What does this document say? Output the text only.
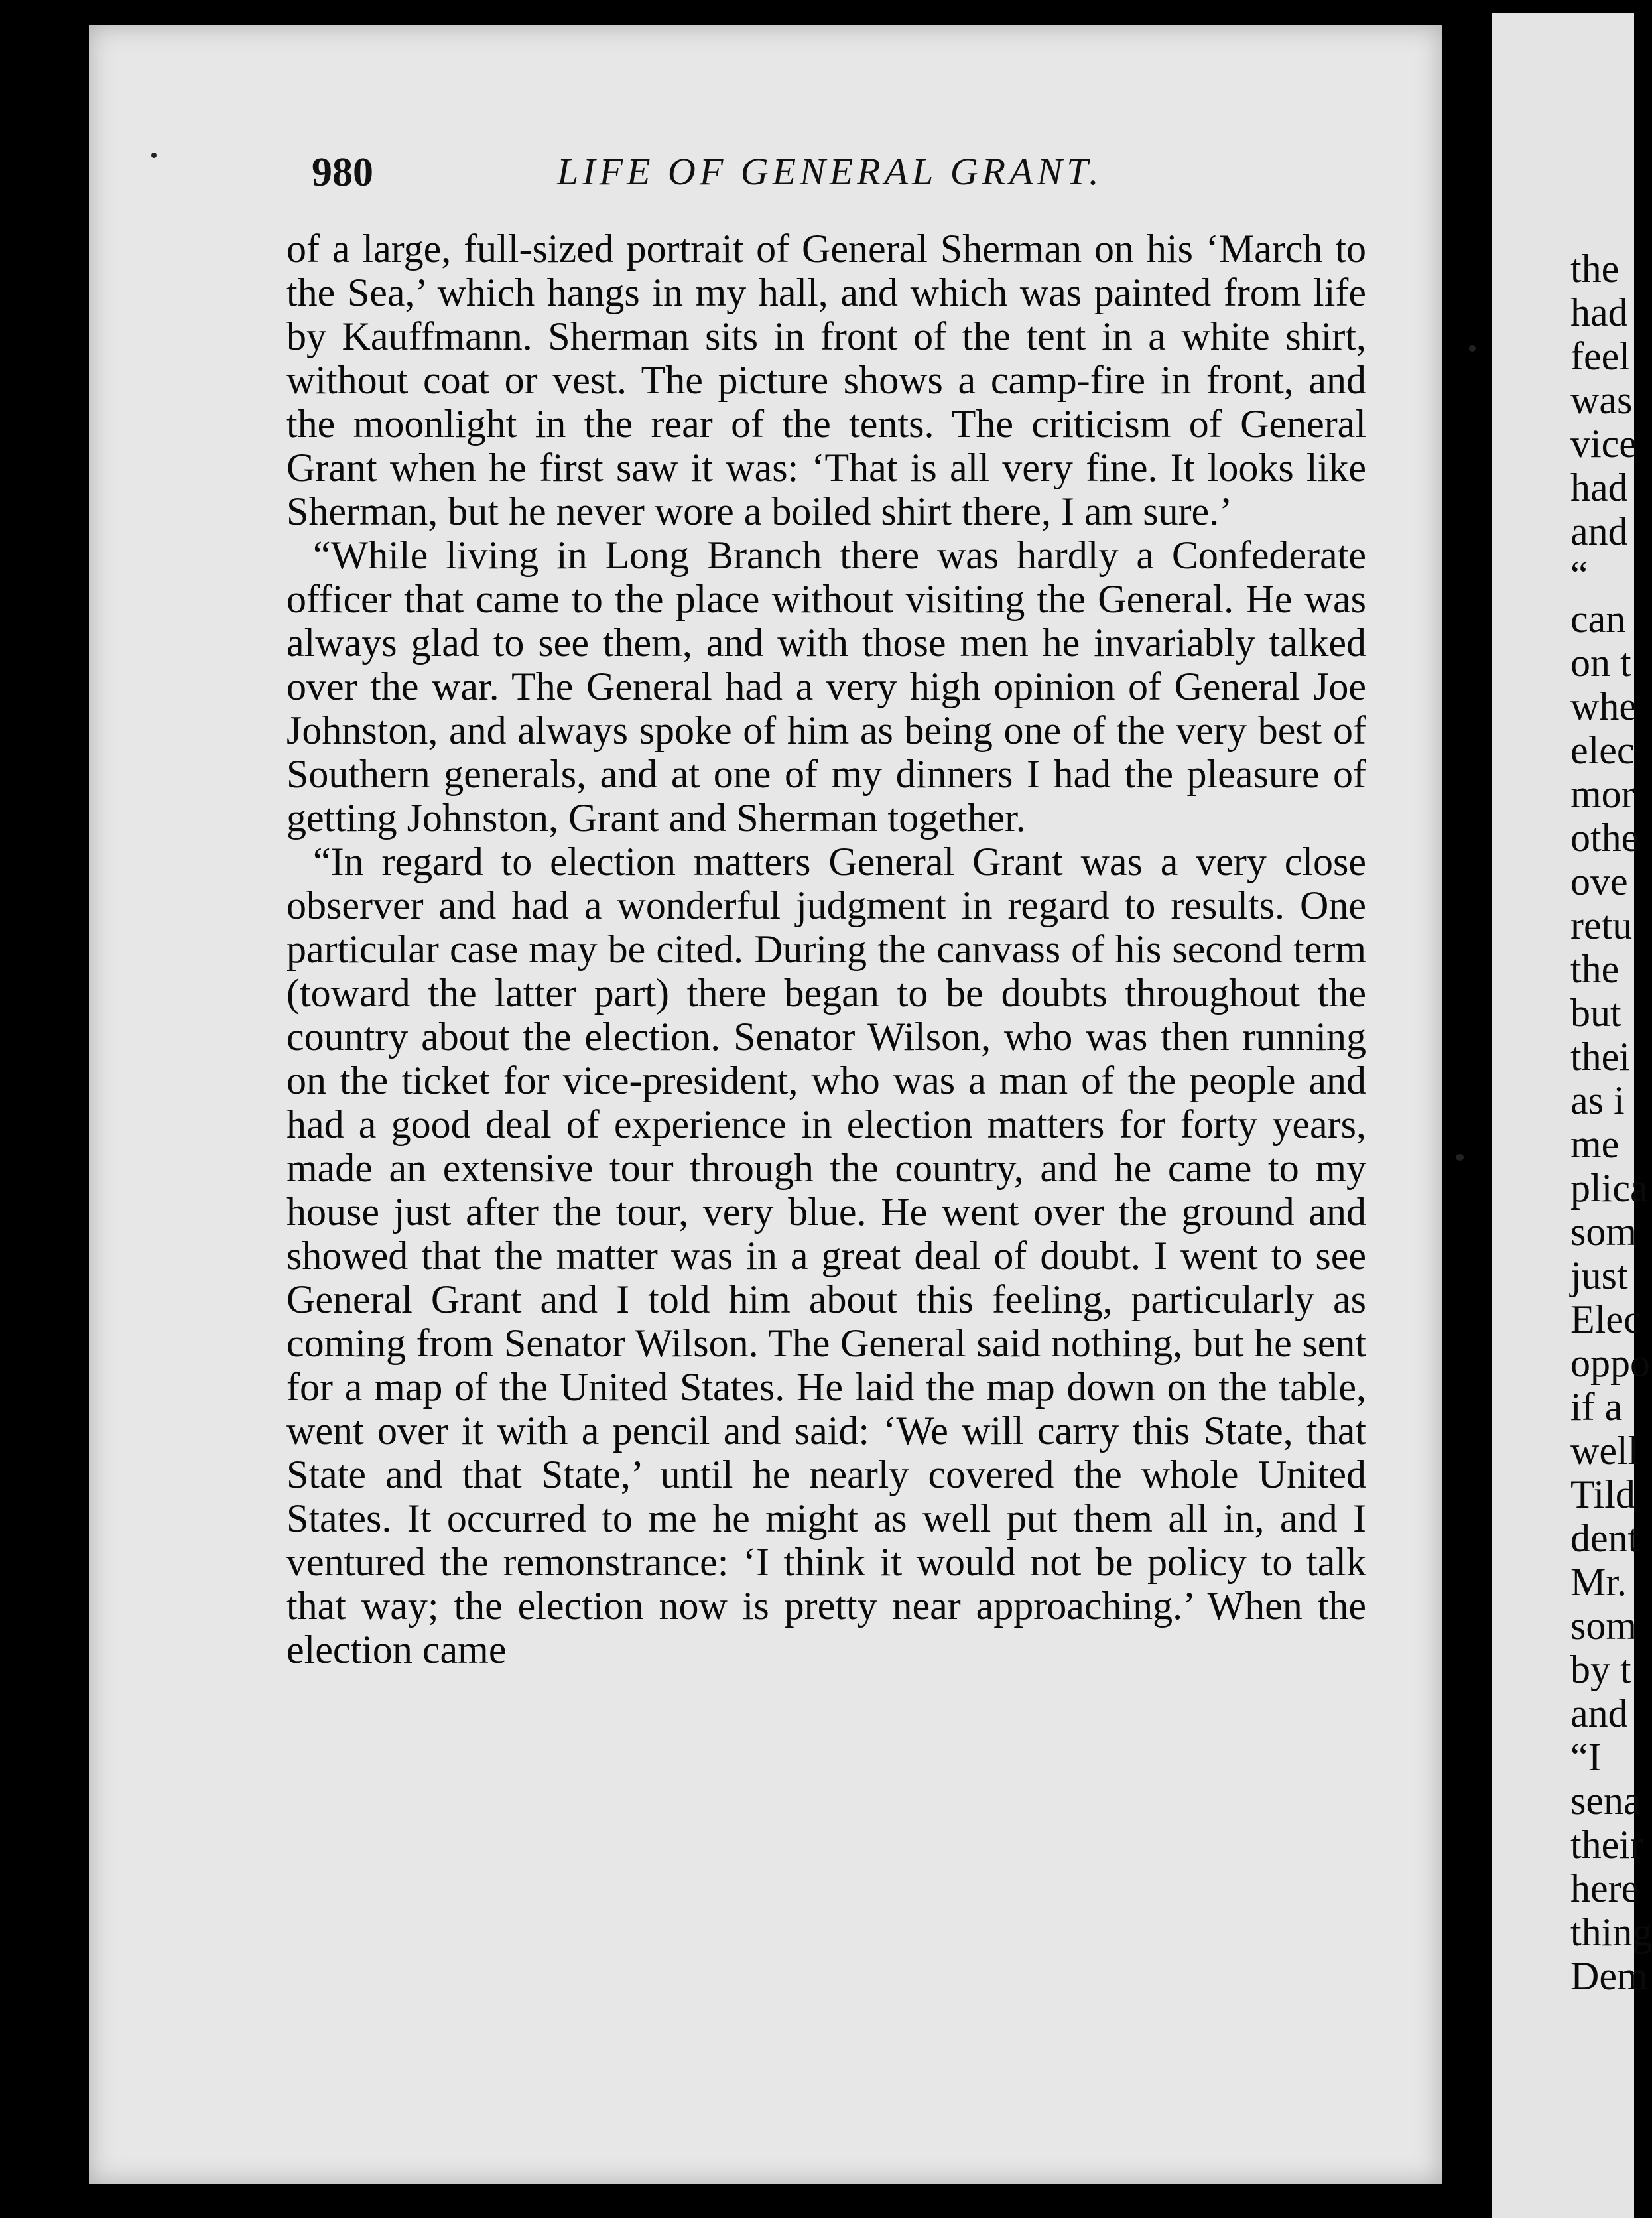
980	LIFE OF GENERAL GRANT.

of a large, full-sized portrait of General Sherman on his ‘March to the Sea,’ which hangs in my hall, and which was painted from life by Kauffmann. Sherman sits in front of the tent in a white shirt, without coat or vest. The picture shows a camp-fire in front, and the moonlight in the rear of the tents. The criticism of General Grant when he first saw it was: ‘That is all very fine. It looks like Sherman, but he never wore a boiled shirt there, I am sure.’

“While living in Long Branch there was hardly a Confederate officer that came to the place without visiting the General. He was always glad to see them, and with those men he invariably talked over the war. The General had a very high opinion of General Joe Johnston, and always spoke of him as being one of the very best of Southern generals, and at one of my dinners I had the pleasure of getting Johnston, Grant and Sherman together.

“In regard to election matters General Grant was a very close observer and had a wonderful judgment in regard to results. One particular case may be cited. During the canvass of his second term (toward the latter part) there began to be doubts throughout the country about the election. Senator Wilson, who was then running on the ticket for vice-president, who was a man of the people and had a good deal of experience in election matters for forty years, made an extensive tour through the country, and he came to my house just after the tour, very blue. He went over the ground and showed that the matter was in a great deal of doubt. I went to see General Grant and I told him about this feeling, particularly as coming from Senator Wilson. The General said nothing, but he sent for a map of the United States. He laid the map down on the table, went over it with a pencil and said: ‘We will carry this State, that State and that State,’ until he nearly covered the whole United States. It occurred to me he might as well put them all in, and I ventured the remonstrance: ‘I think it would not be policy to talk that way; the election now is pretty near approaching.’ When the election came

the
had
feel
was
vice
had
and
“
can
on t
whe
elec
mor
othe
ove
retu
the
but
thei
as i
me
plica
som
just
Elec
oppo
if a
well
Tild
dent
Mr.
som
by t
and
“I
sena
their
here
thing
Dem
